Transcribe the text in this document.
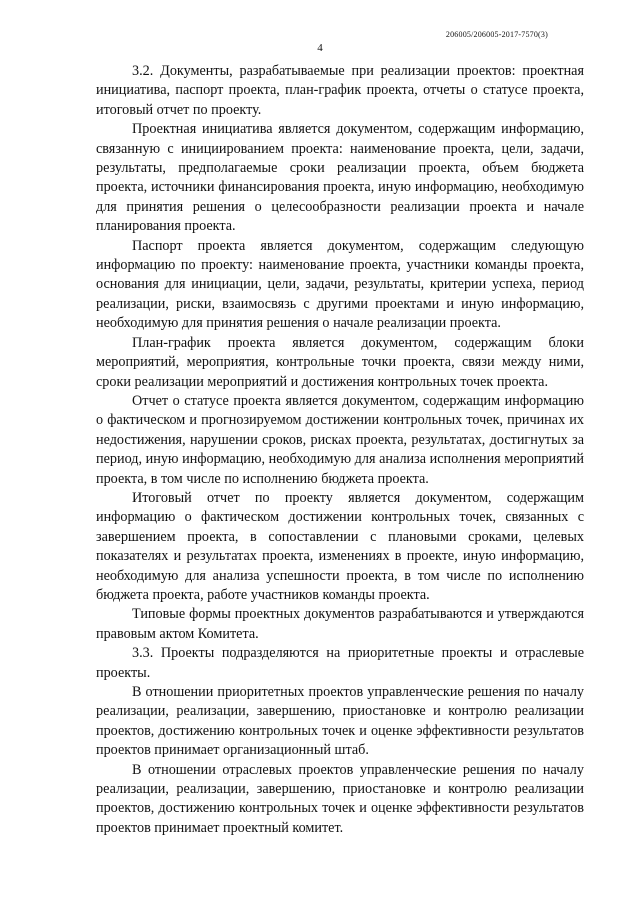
206005/206005-2017-7570(3)
4

3.2. Документы, разрабатываемые при реализации проектов: проектная инициатива, паспорт проекта, план-график проекта, отчеты о статусе проекта, итоговый отчет по проекту.

Проектная инициатива является документом, содержащим информацию, связанную с инициированием проекта: наименование проекта, цели, задачи, результаты, предполагаемые сроки реализации проекта, объем бюджета проекта, источники финансирования проекта, иную информацию, необходимую для принятия решения о целесообразности реализации проекта и начале планирования проекта.

Паспорт проекта является документом, содержащим следующую информацию по проекту: наименование проекта, участники команды проекта, основания для инициации, цели, задачи, результаты, критерии успеха, период реализации, риски, взаимосвязь с другими проектами и иную информацию, необходимую для принятия решения о начале реализации проекта.

План-график проекта является документом, содержащим блоки мероприятий, мероприятия, контрольные точки проекта, связи между ними, сроки реализации мероприятий и достижения контрольных точек проекта.

Отчет о статусе проекта является документом, содержащим информацию о фактическом и прогнозируемом достижении контрольных точек, причинах их недостижения, нарушении сроков, рисках проекта, результатах, достигнутых за период, иную информацию, необходимую для анализа исполнения мероприятий проекта, в том числе по исполнению бюджета проекта.

Итоговый отчет по проекту является документом, содержащим информацию о фактическом достижении контрольных точек, связанных с завершением проекта, в сопоставлении с плановыми сроками, целевых показателях и результатах проекта, изменениях в проекте, иную информацию, необходимую для анализа успешности проекта, в том числе по исполнению бюджета проекта, работе участников команды проекта.

Типовые формы проектных документов разрабатываются и утверждаются правовым актом Комитета.

3.3. Проекты подразделяются на приоритетные проекты и отраслевые проекты.

В отношении приоритетных проектов управленческие решения по началу реализации, реализации, завершению, приостановке и контролю реализации проектов, достижению контрольных точек и оценке эффективности результатов проектов принимает организационный штаб.

В отношении отраслевых проектов управленческие решения по началу реализации, реализации, завершению, приостановке и контролю реализации проектов, достижению контрольных точек и оценке эффективности результатов проектов принимает проектный комитет.
